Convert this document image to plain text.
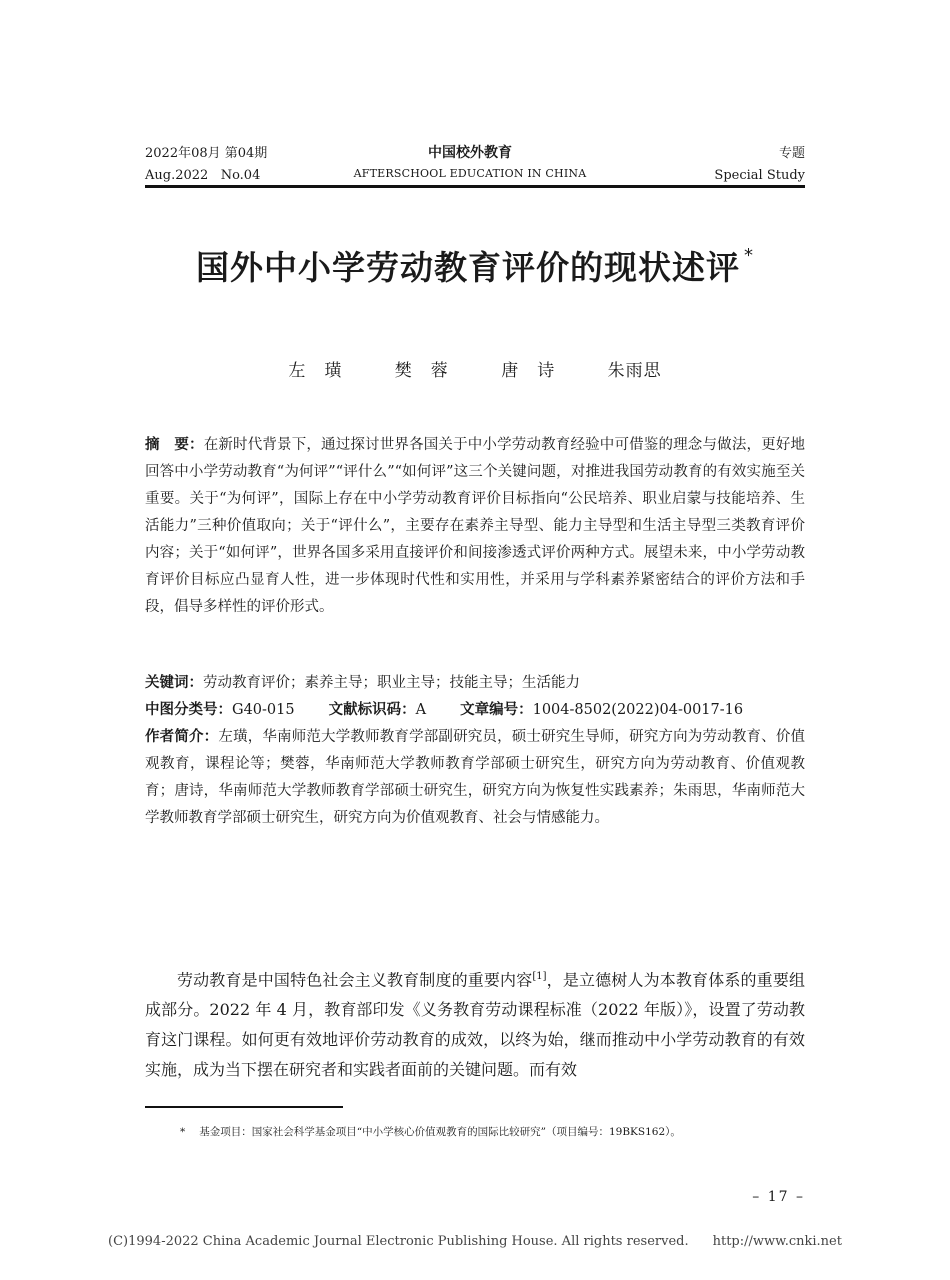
2022年08月 第04期
Aug.2022   No.04
中国校外教育
AFTERSCHOOL EDUCATION IN CHINA
专题
Special Study
国外中小学劳动教育评价的现状述评 *
左　璜	樊　蓉	唐　诗	朱雨思
摘　要：在新时代背景下，通过探讨世界各国关于中小学劳动教育经验中可借鉴的理念与做法，更好地回答中小学劳动教育“为何评”“评什么”“如何评”这三个关键问题，对推进我国劳动教育的有效实施至关重要。关于“为何评”，国际上存在中小学劳动教育评价目标指向“公民培养、职业启蒙与技能培养、生活能力”三种价值取向；关于“评什么”，主要存在素养主导型、能力主导型和生活主导型三类教育评价内容；关于“如何评”，世界各国多采用直接评价和间接渗透式评价两种方式。展望未来，中小学劳动教育评价目标应凸显育人性，进一步体现时代性和实用性，并采用与学科素养紧密结合的评价方法和手段，倡导多样性的评价形式。
关键词：劳动教育评价；素养主导；职业主导；技能主导；生活能力
中图分类号：G40-015 文献标识码：A 文章编号：1004-8502(2022)04-0017-16
作者简介：左璜，华南师范大学教师教育学部副研究员，硕士研究生导师，研究方向为劳动教育、价值观教育，课程论等；樊蓉，华南师范大学教师教育学部硕士研究生，研究方向为劳动教育、价值观教育；唐诗，华南师范大学教师教育学部硕士研究生，研究方向为恢复性实践素养；朱雨思，华南师范大学教师教育学部硕士研究生，研究方向为价值观教育、社会与情感能力。
劳动教育是中国特色社会主义教育制度的重要内容[1]，是立德树人为本教育体系的重要组成部分。2022 年 4 月，教育部印发《义务教育劳动课程标准（2022 年版）》，设置了劳动教育这门课程。如何更有效地评价劳动教育的成效，以终为始，继而推动中小学劳动教育的有效实施，成为当下摆在研究者和实践者面前的关键问题。而有效
* 基金项目：国家社会科学基金项目“中小学核心价值观教育的国际比较研究”（项目编号：19BKS162）。
– 17 –
(C)1994-2022 China Academic Journal Electronic Publishing House. All rights reserved. http://www.cnki.net
